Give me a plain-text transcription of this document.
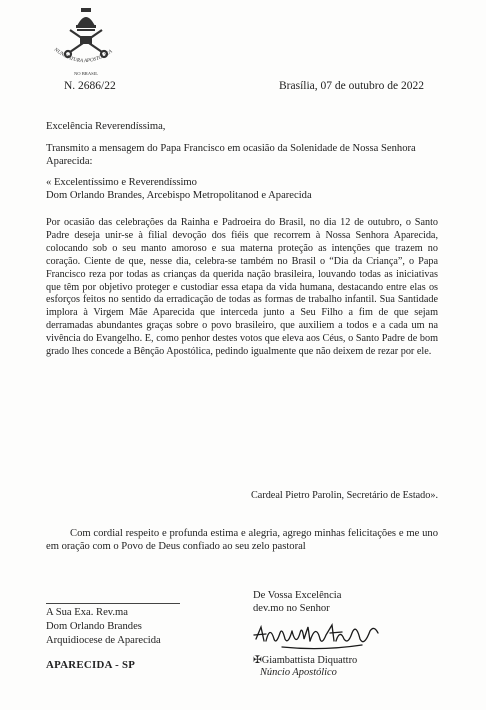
NUNCIATURA APOSTÓLICA
NO BRASIL
N. 2686/22	Brasília, 07 de outubro de 2022
Excelência Reverendíssima,
Transmito a mensagem do Papa Francisco em ocasião da Solenidade de Nossa Senhora Aparecida:
« Excelentíssimo e Reverendíssimo
Dom Orlando Brandes, Arcebispo Metropolitanod e Aparecida
Por ocasião das celebrações da Rainha e Padroeira do Brasil, no dia 12 de outubro, o Santo Padre deseja unir-se à filial devoção dos fiéis que recorrem à Nossa Senhora Aparecida, colocando sob o seu manto amoroso e sua materna proteção as intenções que trazem no coração. Ciente de que, nesse dia, celebra-se também no Brasil o “Dia da Criança”, o Papa Francisco reza por todas as crianças da querida nação brasileira, louvando todas as iniciativas que têm por objetivo proteger e custodiar essa etapa da vida humana, destacando entre elas os esforços feitos no sentido da erradicação de todas as formas de trabalho infantil. Sua Santidade implora à Virgem Mãe Aparecida que interceda junto a Seu Filho a fim de que sejam derramadas abundantes graças sobre o povo brasileiro, que auxiliem a todos e a cada um na vivência do Evangelho. E, como penhor destes votos que eleva aos Céus, o Santo Padre de bom grado lhes concede a Bênção Apostólica, pedindo igualmente que não deixem de rezar por ele.
Cardeal Pietro Parolin, Secretário de Estado».
Com cordial respeito e profunda estima e alegria, agrego minhas felicitações e me uno em oração com o Povo de Deus confiado ao seu zelo pastoral
De Vossa Excelência
dev.mo no Senhor
✠Giambattista Diquattro
Núncio Apostólico
A Sua Exa. Rev.ma
Dom Orlando Brandes
Arquidiocese de Aparecida
APARECIDA - SP
